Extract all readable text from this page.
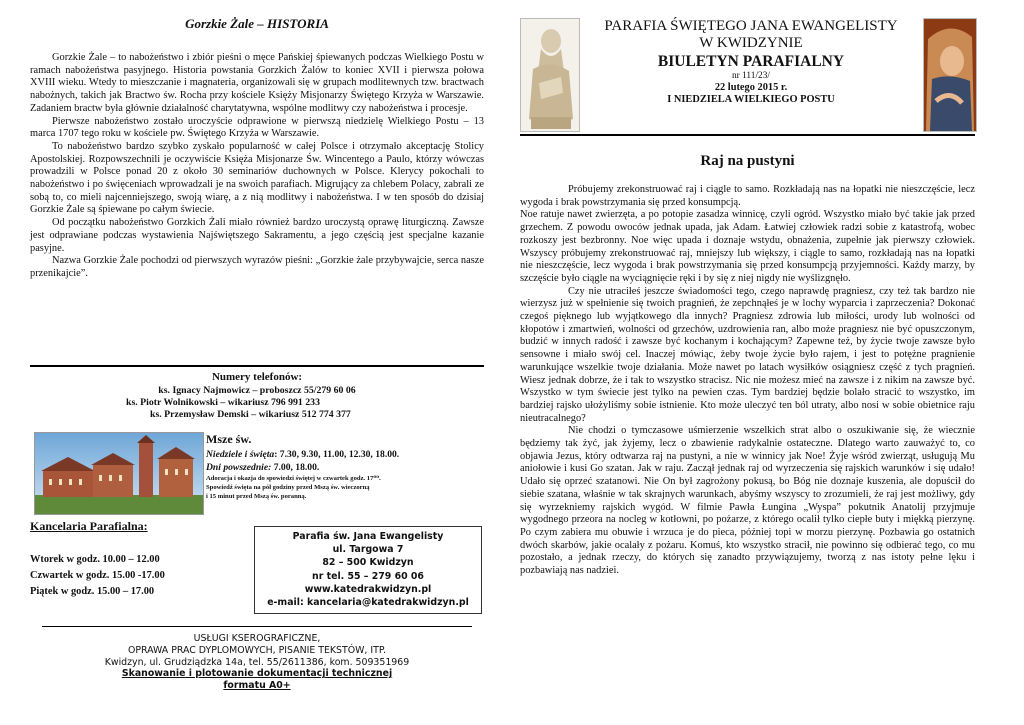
Gorzkie Żale – HISTORIA

Gorzkie Żale – to nabożeństwo i zbiór pieśni o męce Pańskiej śpiewanych podczas Wielkiego Postu w ramach nabożeństwa pasyjnego. Historia powstania Gorzkich Żalów to koniec XVII i pierwsza połowa XVIII wieku. Wtedy to mieszczanie i magnateria, organizowali się w grupach modlitewnych tzw. bractwach nabożnych, takich jak Bractwo św. Rocha przy kościele Księży Misjonarzy Świętego Krzyża w Warszawie. Zadaniem bractw była głównie działalność charytatywna, wspólne modlitwy czy nabożeństwa i procesje.

Pierwsze nabożeństwo zostało uroczyście odprawione w pierwszą niedzielę Wielkiego Postu – 13 marca 1707 tego roku w kościele pw. Świętego Krzyża w Warszawie.

To nabożeństwo bardzo szybko zyskało popularność w całej Polsce i otrzymało akceptację Stolicy Apostolskiej. Rozpowszechnili je oczywiście Księża Misjonarze Św. Wincentego a Paulo, którzy wówczas prowadzili w Polsce ponad 20 z około 30 seminariów duchownych w Polsce. Klerycy pokochali to nabożeństwo i po święceniach wprowadzali je na swoich parafiach. Migrujący za chlebem Polacy, zabrali ze sobą to, co mieli najcenniejszego, swoją wiarę, a z nią modlitwy i nabożeństwa. I w ten sposób do dzisiaj Gorzkie Żale są śpiewane po całym świecie.

Od początku nabożeństwo Gorzkich Żali miało również bardzo uroczystą oprawę liturgiczną. Zawsze jest odprawiane podczas wystawienia Najświętszego Sakramentu, a jego częścią jest specjalne kazanie pasyjne.

Nazwa Gorzkie Żale pochodzi od pierwszych wyrazów pieśni: „Gorzkie żale przybywajcie, serca nasze przenikajcie”.

Numery telefonów:
ks. Ignacy Najmowicz – proboszcz 55/279 60 06
ks. Piotr Wolnikowski – wikariusz 796 991 233
ks. Przemysław Demski – wikariusz 512 774 377
Msze św.
Niedziele i święta: 7.30, 9.30, 11.00, 12.30, 18.00.
Dni powszednie: 7.00, 18.00.
Adoracja i okazja do spowiedzi świętej w czwartek godz. 17⁰⁰.
Spowiedź święta na pół godziny przed Mszą św. wieczorną
i 15 minut przed Mszą św. poranną.
Kancelaria Parafialna:
Wtorek w godz. 10.00 – 12.00
Czwartek w godz. 15.00 -17.00
Piątek w godz. 15.00 – 17.00
Parafia św. Jana Ewangelisty
ul. Targowa 7
82 – 500 Kwidzyn
nr tel. 55 – 279 60 06
www.katedrakwidzyn.pl
e-mail: kancelaria@katedrakwidzyn.pl
USŁUGI KSEROGRAFICZNE,
OPRAWA PRAC DYPLOMOWYCH, PISANIE TEKSTÓW, ITP.
Kwidzyn, ul. Grudziądzka 14a, tel. 55/2611386, kom. 509351969
Skanowanie i plotowanie dokumentacji technicznej
formatu A0+
PARAFIA ŚWIĘTEGO JANA EWANGELISTY
W KWIDZYNIE
BIULETYN PARAFIALNY
nr 111/23/
22 lutego 2015 r.
I NIEDZIELA WIELKIEGO POSTU
Raj na pustyni

Próbujemy zrekonstruować raj i ciągle to samo. Rozkładają nas na łopatki nie nieszczęście, lecz wygoda i brak powstrzymania się przed konsumpcją.

Noe ratuje nawet zwierzęta, a po potopie zasadza winnicę, czyli ogród. Wszystko miało być takie jak przed grzechem. Z powodu owoców jednak upada, jak Adam. Łatwiej człowiek radzi sobie z katastrofą, wobec rozkoszy jest bezbronny. Noe więc upada i doznaje wstydu, obnażenia, zupełnie jak pierwszy człowiek. Wszyscy próbujemy zrekonstruować raj, mniejszy lub większy, i ciągle to samo, rozkładają nas na łopatki nie nieszczęście, lecz wygoda i brak powstrzymania się przed konsumpcją przyjemności. Każdy marzy, by szczęście było ciągle na wyciągnięcie ręki i by się z niej nigdy nie wyślizgnęło.

Czy nie utraciłeś jeszcze świadomości tego, czego naprawdę pragniesz, czy też tak bardzo nie wierzysz już w spełnienie się twoich pragnień, że zepchnąłeś je w lochy wyparcia i zaprzeczenia? Dokonać czegoś pięknego lub wyjątkowego dla innych? Pragniesz zdrowia lub miłości, urody lub wolności od kłopotów i zmartwień, wolności od grzechów, uzdrowienia ran, albo może pragniesz nie być opuszczonym, budzić w innych radość i zawsze być kochanym i kochającym? Zapewne też, by życie twoje zawsze było sensowne i miało swój cel. Inaczej mówiąc, żeby twoje życie było rajem, i jest to potężne pragnienie warunkujące wszelkie twoje działania. Może nawet po latach wysiłków osiągniesz część z tych pragnień. Wiesz jednak dobrze, że i tak to wszystko stracisz. Nic nie możesz mieć na zawsze i z nikim na zawsze być. Wszystko w tym świecie jest tylko na pewien czas. Tym bardziej będzie bolało stracić to wszystko, im bardziej rajsko ułożyliśmy sobie istnienie. Kto może uleczyć ten ból utraty, albo nosi w sobie obietnice raju nieutracalnego?

Nie chodzi o tymczasowe uśmierzenie wszelkich strat albo o oszukiwanie się, że wiecznie będziemy tak żyć, jak żyjemy, lecz o zbawienie radykalnie ostateczne. Dlatego warto zauważyć to, co objawia Jezus, który odtwarza raj na pustyni, a nie w winnicy jak Noe! Żyje wśród zwierząt, usługują Mu aniołowie i kusi Go szatan. Jak w raju. Zaczął jednak raj od wyrzeczenia się rajskich warunków i się udało! Udało się oprzeć szatanowi. Nie On był zagrożony pokusą, bo Bóg nie doznaje kuszenia, ale dopuścił do siebie szatana, właśnie w tak skrajnych warunkach, abyśmy wszyscy to zrozumieli, że raj jest możliwy, gdy się wyrzekniemy rajskich wygód. W filmie Pawła Łungina „Wyspa” pokutnik Anatolij przyjmuje wygodnego przeora na nocleg w kotłowni, po pożarze, z którego ocalił tylko ciepłe buty i miękką pierzynę. Po czym zabiera mu obuwie i wrzuca je do pieca, później topi w morzu pierzynę. Pozbawia go ostatnich dwóch skarbów, jakie ocalały z pożaru. Komuś, kto wszystko stracił, nie powinno się odbierać tego, co mu pozostało, a jednak rzeczy, do których się zanadto przywiązujemy, tworzą z nas istoty pełne lęku i pozbawiają nas nadziei.
